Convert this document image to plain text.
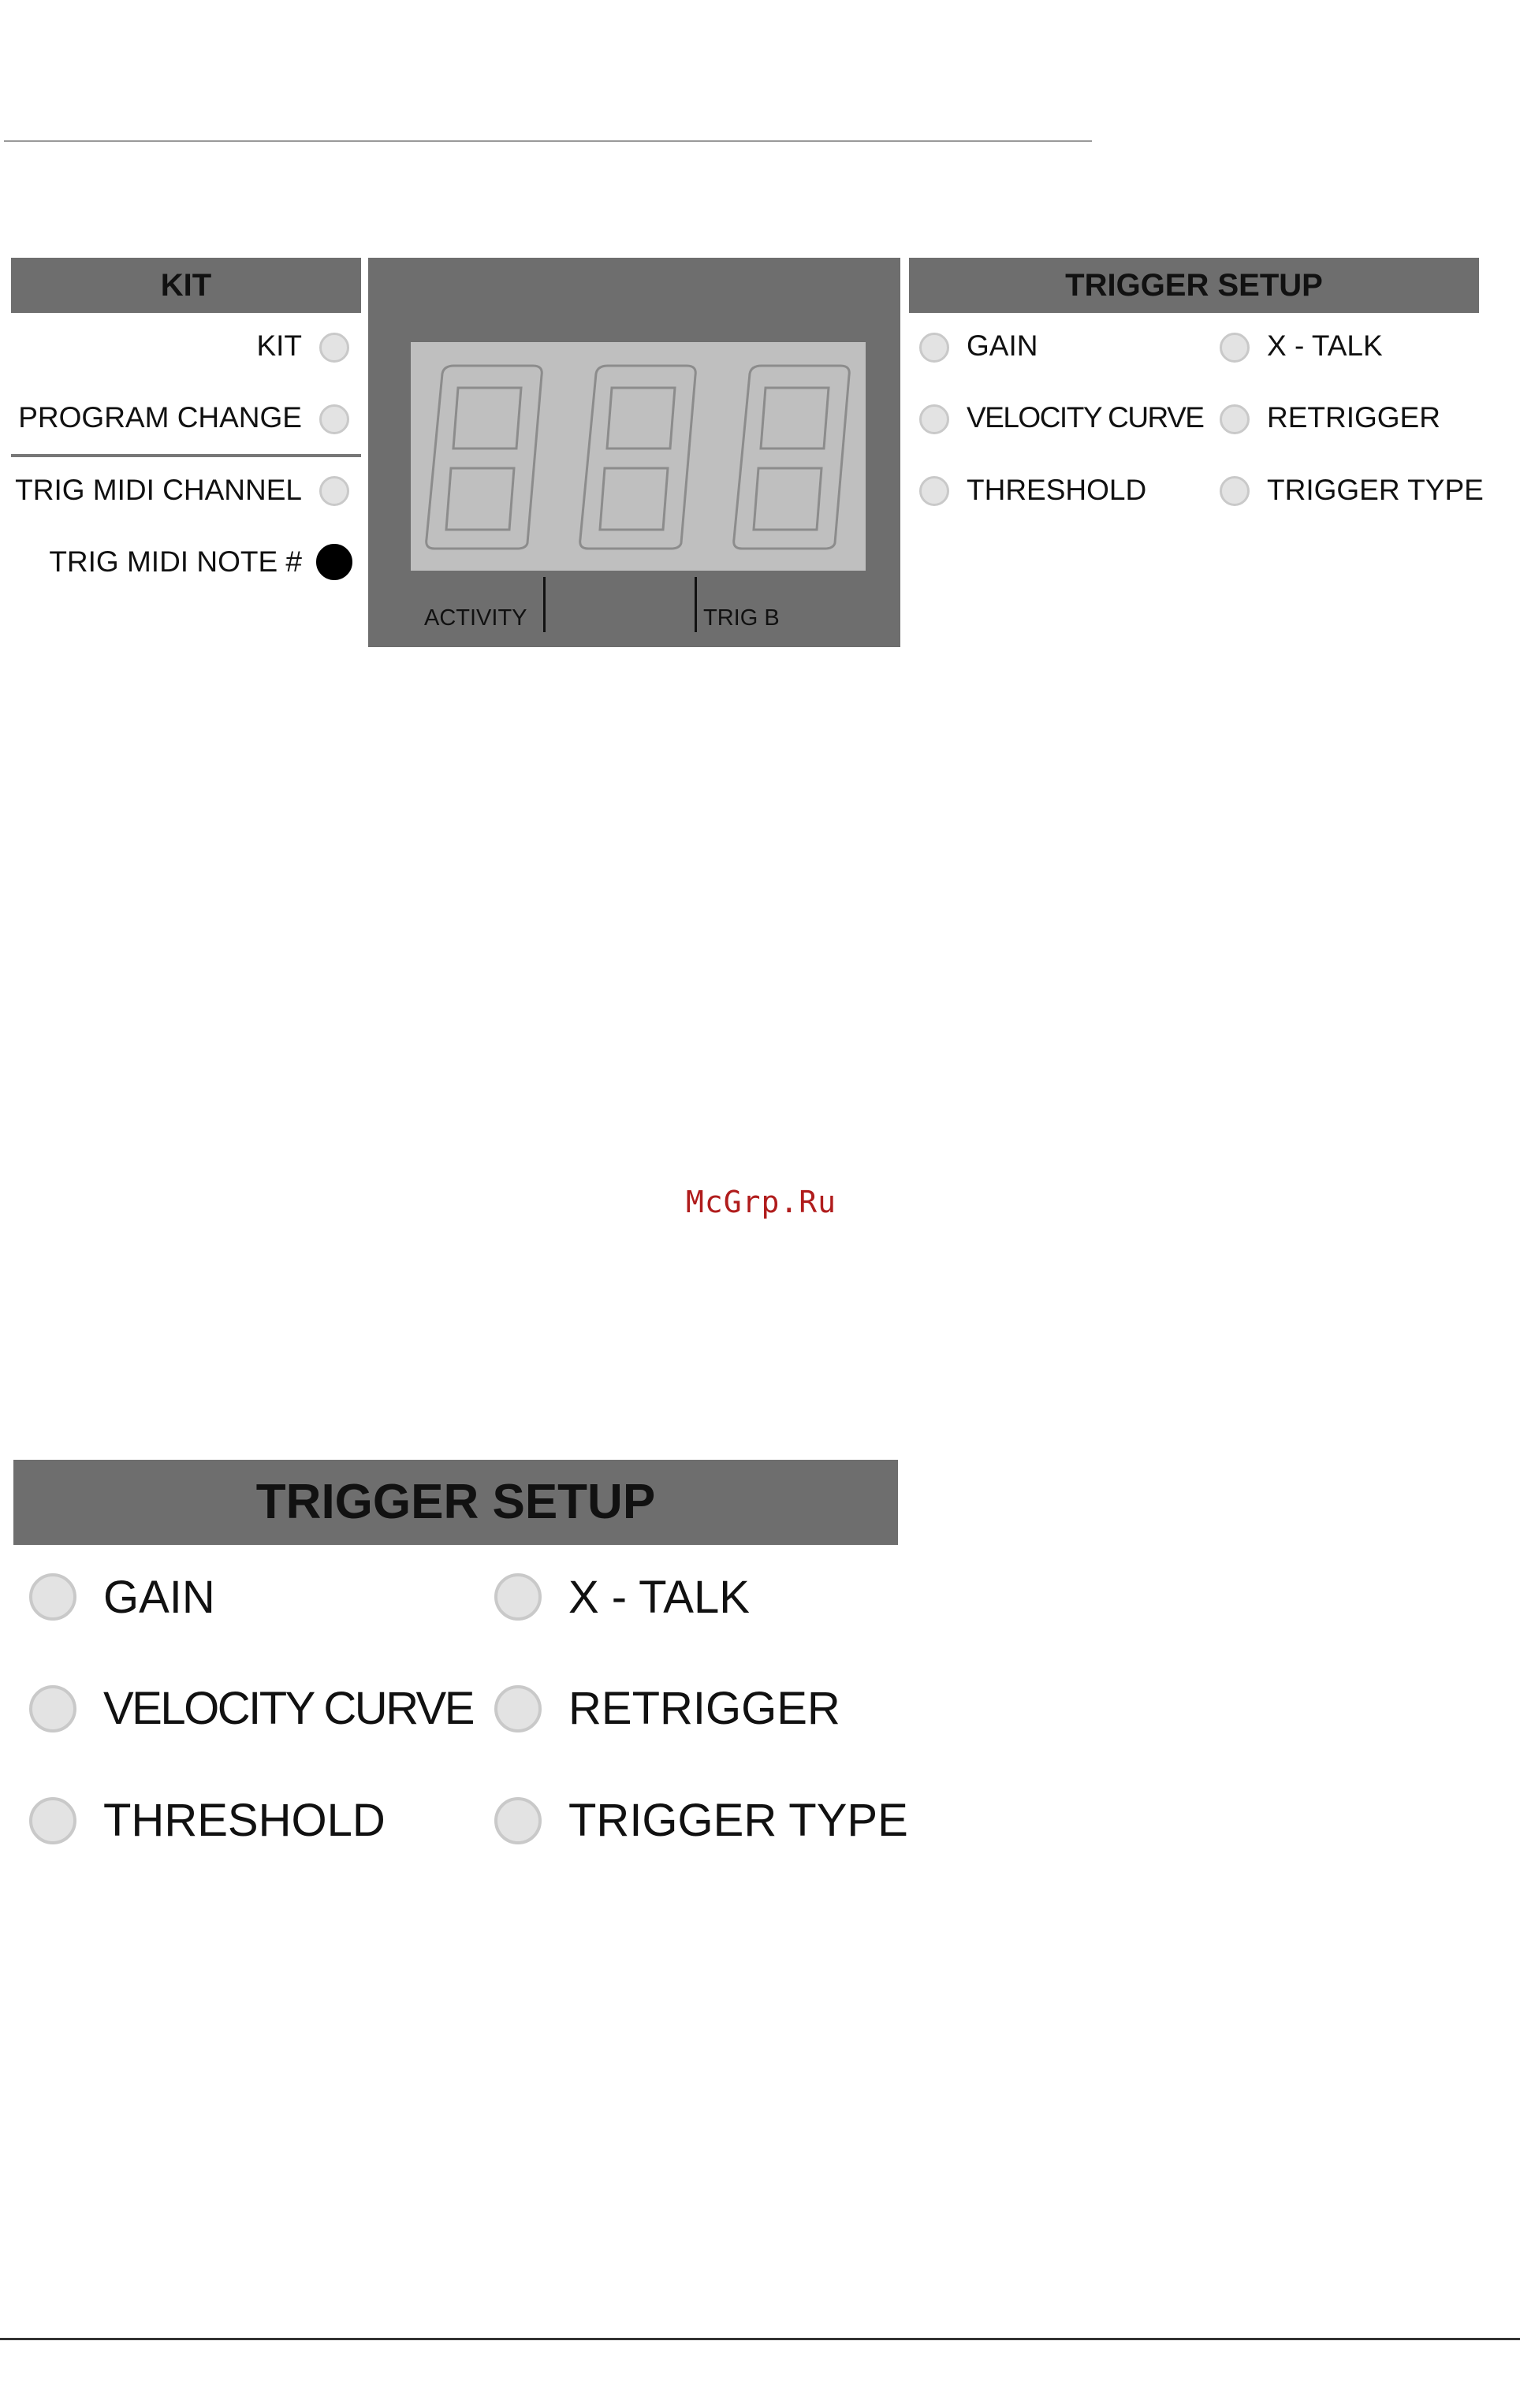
KIT
KIT
PROGRAM CHANGE
TRIG MIDI CHANNEL
TRIG MIDI NOTE #
ACTIVITY	TRIG B
TRIGGER SETUP
GAIN
VELOCITY CURVE
THRESHOLD
X - TALK
RETRIGGER
TRIGGER TYPE
McGrp.Ru
TRIGGER SETUP
GAIN
VELOCITY CURVE
THRESHOLD
X - TALK
RETRIGGER
TRIGGER TYPE
